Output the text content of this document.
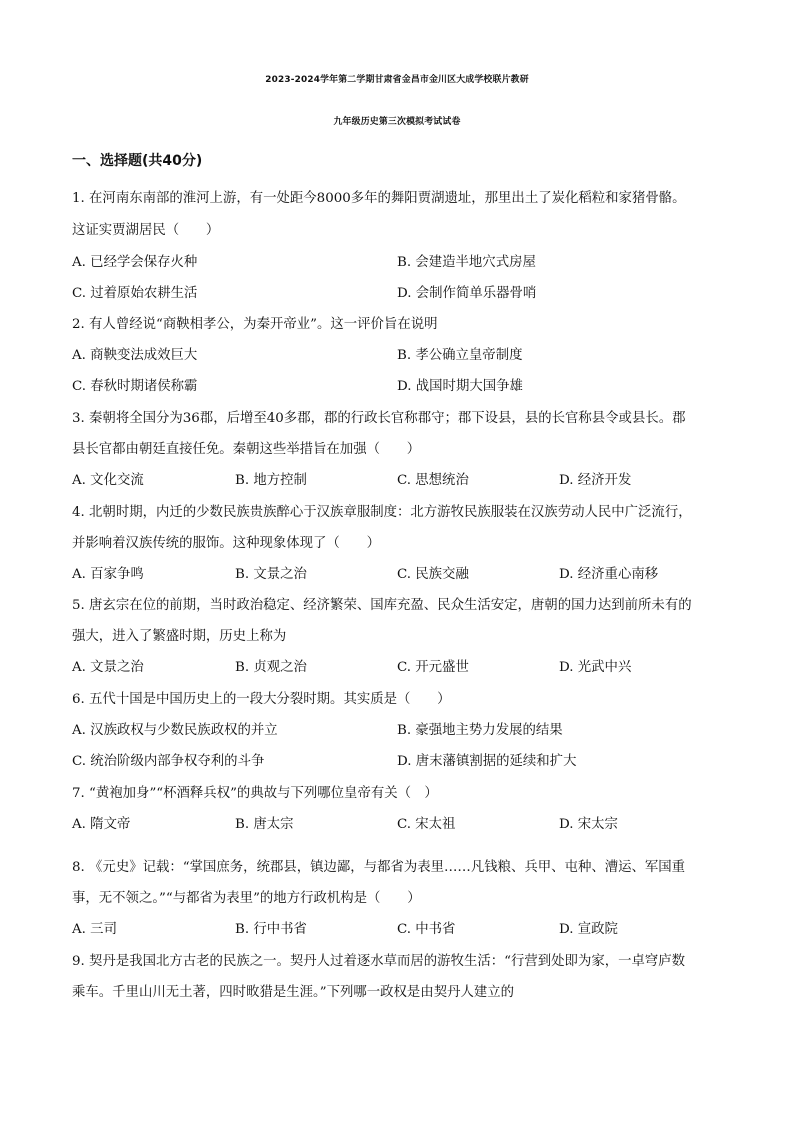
2023-2024学年第二学期甘肃省金昌市金川区大成学校联片教研
九年级历史第三次模拟考试试卷
一、选择题(共40分)
1. 在河南东南部的淮河上游，有一处距今8000多年的舞阳贾湖遗址，那里出土了炭化稻粒和家猪骨骼。
这证实贾湖居民（　　）
A. 已经学会保存火种	B. 会建造半地穴式房屋
C. 过着原始农耕生活	D. 会制作简单乐器骨哨
2. 有人曾经说“商鞅相孝公，为秦开帝业”。这一评价旨在说明
A. 商鞅变法成效巨大	B. 孝公确立皇帝制度
C. 春秋时期诸侯称霸	D. 战国时期大国争雄
3. 秦朝将全国分为36郡，后增至40多郡，郡的行政长官称郡守；郡下设县，县的长官称县令或县长。郡
县长官都由朝廷直接任免。秦朝这些举措旨在加强（　　）
A. 文化交流	B. 地方控制	C. 思想统治	D. 经济开发
4. 北朝时期，内迁的少数民族贵族醉心于汉族章服制度：北方游牧民族服装在汉族劳动人民中广泛流行，
并影响着汉族传统的服饰。这种现象体现了（　　）
A. 百家争鸣	B. 文景之治	C. 民族交融	D. 经济重心南移
5. 唐玄宗在位的前期，当时政治稳定、经济繁荣、国库充盈、民众生活安定，唐朝的国力达到前所未有的
强大，进入了繁盛时期，历史上称为
A. 文景之治	B. 贞观之治	C. 开元盛世	D. 光武中兴
6. 五代十国是中国历史上的一段大分裂时期。其实质是（　　）
A. 汉族政权与少数民族政权的并立	B. 豪强地主势力发展的结果
C. 统治阶级内部争权夺利的斗争	D. 唐末藩镇割据的延续和扩大
7. “黄袍加身”“杯酒释兵权”的典故与下列哪位皇帝有关（　）
A. 隋文帝	B. 唐太宗	C. 宋太祖	D. 宋太宗
8. 《元史》记载：“掌国庶务，统郡县，镇边鄙，与都省为表里……凡钱粮、兵甲、屯种、漕运、军国重
事，无不领之。”“与都省为表里”的地方行政机构是（　　）
A. 三司	B. 行中书省	C. 中书省	D. 宣政院
9. 契丹是我国北方古老的民族之一。契丹人过着逐水草而居的游牧生活：“行营到处即为家，一卓穹庐数
乘车。千里山川无土著，四时畋猎是生涯。”下列哪一政权是由契丹人建立的
